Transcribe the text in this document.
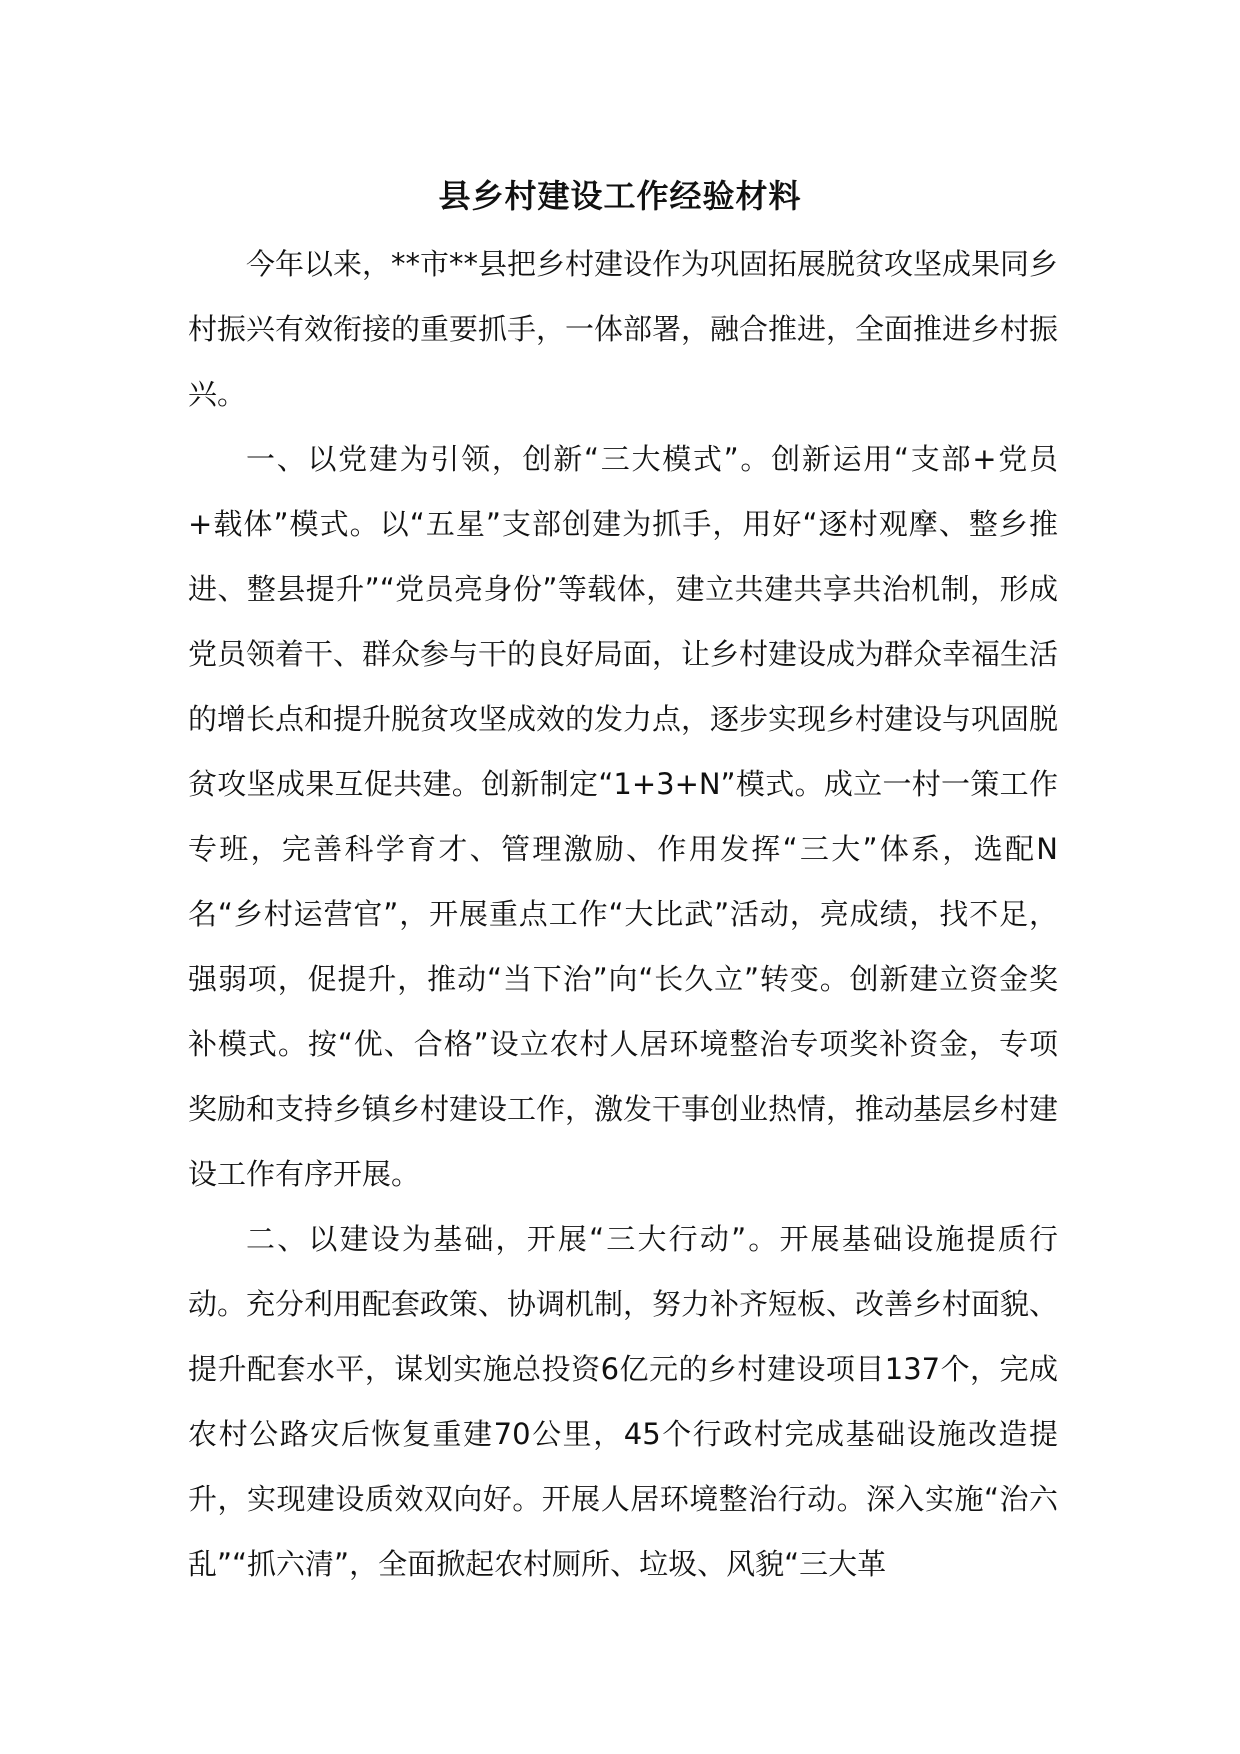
县乡村建设工作经验材料

今年以来，**市**县把乡村建设作为巩固拓展脱贫攻坚成果同乡村振兴有效衔接的重要抓手，一体部署，融合推进，全面推进乡村振兴。

一、以党建为引领，创新“三大模式”。创新运用“支部+党员+载体”模式。以“五星”支部创建为抓手，用好“逐村观摩、整乡推进、整县提升”“党员亮身份”等载体，建立共建共享共治机制，形成党员领着干、群众参与干的良好局面，让乡村建设成为群众幸福生活的增长点和提升脱贫攻坚成效的发力点，逐步实现乡村建设与巩固脱贫攻坚成果互促共建。创新制定“1+3+N”模式。成立一村一策工作专班，完善科学育才、管理激励、作用发挥“三大”体系，选配N名“乡村运营官”，开展重点工作“大比武”活动，亮成绩，找不足，强弱项，促提升，推动“当下治”向“长久立”转变。创新建立资金奖补模式。按“优、合格”设立农村人居环境整治专项奖补资金，专项奖励和支持乡镇乡村建设工作，激发干事创业热情，推动基层乡村建设工作有序开展。

二、以建设为基础，开展“三大行动”。开展基础设施提质行动。充分利用配套政策、协调机制，努力补齐短板、改善乡村面貌、提升配套水平，谋划实施总投资6亿元的乡村建设项目137个，完成农村公路灾后恢复重建70公里，45个行政村完成基础设施改造提升，实现建设质效双向好。开展人居环境整治行动。深入实施“治六乱”“抓六清”，全面掀起农村厕所、垃圾、风貌“三大革
